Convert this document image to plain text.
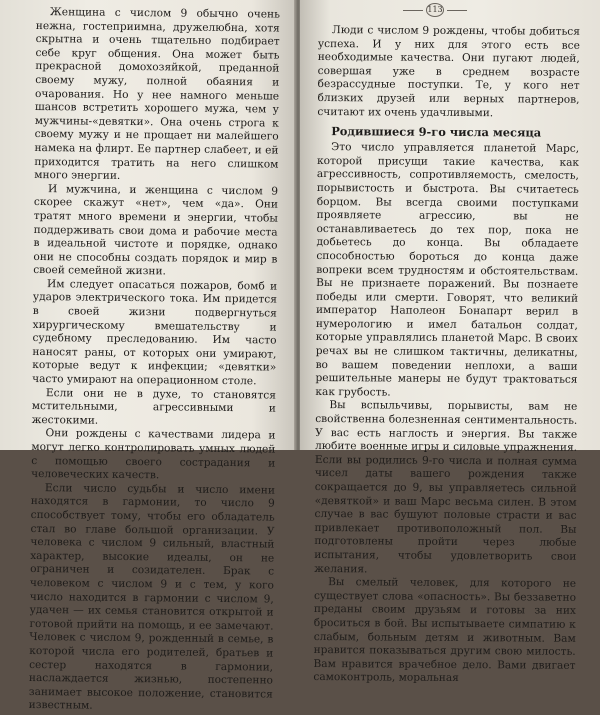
Женщина с числом 9 обычно очень нежна, гостеприимна, дружелюбна, хотя скрытна и очень тщательно подбирает себе круг общения. Она может быть прекрасной домохозяйкой, преданной своему мужу, полной обаяния и очарования. Но у нее намного меньше шансов встретить хорошего мужа, чем у мужчины-«девятки». Она очень строга к своему мужу и не прощает ни малейшего намека на флирт. Ее партнер слабеет, и ей приходится тратить на него слишком много энергии.

И мужчина, и женщина с числом 9 скорее скажут «нет», чем «да». Они тратят много времени и энергии, чтобы поддерживать свои дома и рабочие места в идеальной чистоте и порядке, однако они не способны создать порядок и мир в своей семейной жизни.

Им следует опасаться пожаров, бомб и ударов электрического тока. Им придется в своей жизни подвергнуться хирургическому вмешательству и судебному преследованию. Им часто наносят раны, от которых они умирают, которые ведут к инфекции; «девятки» часто умирают на операционном столе.

Если они не в духе, то становятся мстительными, агрессивными и жестокими.

Они рождены с качествами лидера и могут легко контролировать умных людей с помощью своего сострадания и человеческих качеств.

Если число судьбы и число имени находятся в гармонии, то число 9 способствует тому, чтобы его обладатель стал во главе большой организации. У человека с числом 9 сильный, властный характер, высокие идеалы, он не ограничен и созидателен. Брак с человеком с числом 9 и с тем, у кого число находится в гармонии с числом 9, удачен — их семья становится открытой и готовой прийти на помощь, и ее замечают. Человек с числом 9, рожденный в семье, в которой числа его родителей, братьев и сестер находятся в гармонии, наслаждается жизнью, постепенно занимает высокое положение, становится известным.

113

Люди с числом 9 рождены, чтобы добиться успеха. И у них для этого есть все необходимые качества. Они пугают людей, совершая уже в среднем возрасте безрассудные поступки. Те, у кого нет близких друзей или верных партнеров, считают их очень удачливыми.

Родившиеся 9-го числа месяца

Это число управляется планетой Марс, которой присущи такие качества, как агрессивность, сопротивляемость, смелость, порывистость и быстрота. Вы считаетесь борцом. Вы всегда своими поступками проявляете агрессию, вы не останавливаетесь до тех пор, пока не добьетесь до конца. Вы обладаете способностью бороться до конца даже вопреки всем трудностям и обстоятельствам. Вы не признаете поражений. Вы познаете победы или смерти. Говорят, что великий император Наполеон Бонапарт верил в нумерологию и имел батальон солдат, которые управлялись планетой Марс. В своих речах вы не слишком тактичны, деликатны, во вашем поведении неплохи, а ваши решительные манеры не будут трактоваться как грубость.

Вы вспыльчивы, порывисты, вам не свойственна болезненная сентиментальность. У вас есть наглость и энергия. Вы также любите военные игры и силовые упражнения. Если вы родились 9-го числа и полная сумма чисел даты вашего рождения также сокращается до 9, вы управляетесь сильной «девяткой» и ваш Марс весьма силен. В этом случае в вас бушуют половые страсти и вас привлекает противоположный пол. Вы подготовлены пройти через любые испытания, чтобы удовлетворить свои желания.

Вы смелый человек, для которого не существует слова «опасность». Вы беззаветно преданы своим друзьям и готовы за них броситься в бой. Вы испытываете симпатию к слабым, больным детям и животным. Вам нравится показываться другим свою милость. Вам нравится врачебное дело. Вами двигает самоконтроль, моральная
